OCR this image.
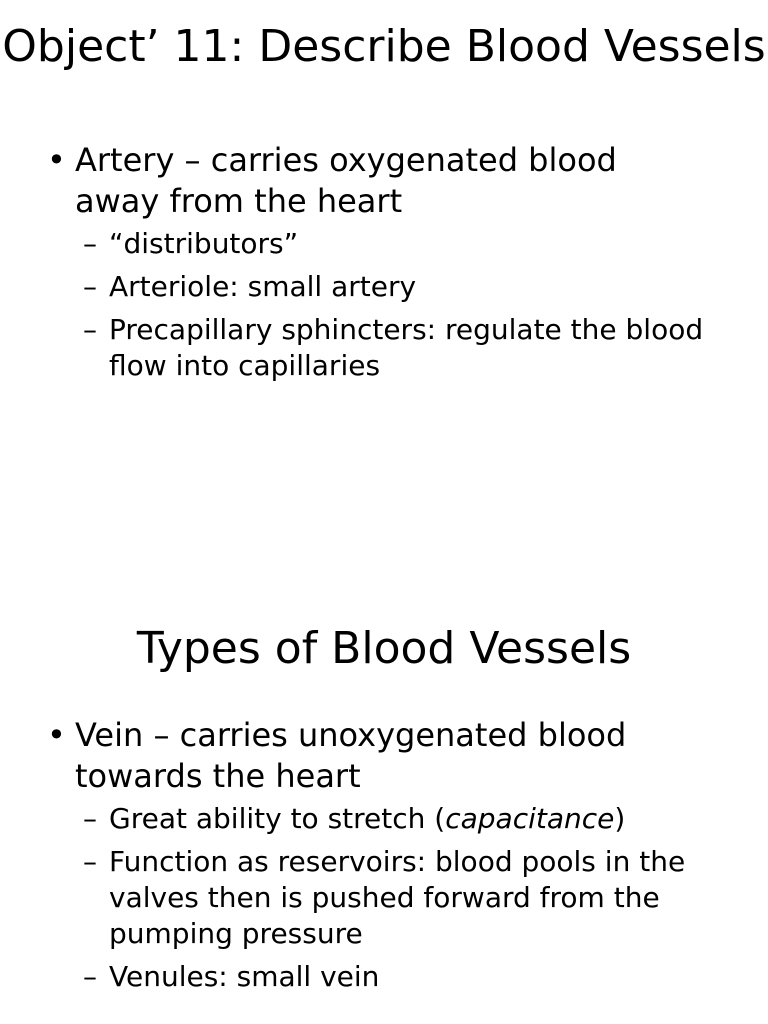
Object’ 11: Describe Blood Vessels
• Artery – carries oxygenated blood away from the heart
– “distributors”
– Arteriole: small artery
– Precapillary sphincters: regulate the blood flow into capillaries
Types of Blood Vessels
• Vein – carries unoxygenated blood towards the heart
– Great ability to stretch (capacitance)
– Function as reservoirs: blood pools in the valves then is pushed forward from the pumping pressure
– Venules: small vein
